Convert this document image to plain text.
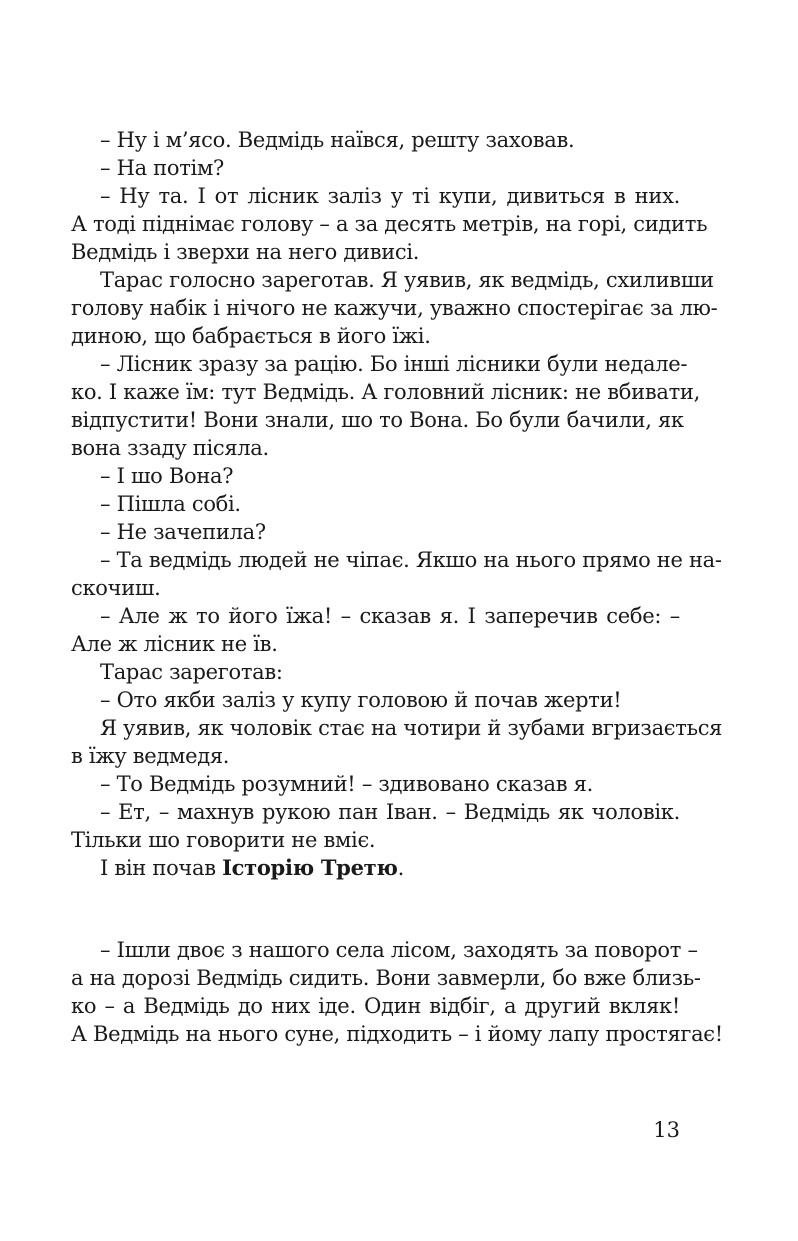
– Ну і м’ясо. Ведмідь наївся, решту заховав.
– На потім?
– Ну та. І от лісник заліз у ті купи, дивиться в них.
А тоді піднімає голову – а за десять метрів, на горі, сидить
Ведмідь і зверхи на него дивисі.
Тарас голосно зареготав. Я уявив, як ведмідь, схиливши
голову набік і нічого не кажучи, уважно спостерігає за лю-
диною, що бабрається в його їжі.
– Лісник зразу за рацію. Бо інші лісники були недале-
ко. І каже їм: тут Ведмідь. А головний лісник: не вбивати,
відпустити! Вони знали, шо то Вона. Бо були бачили, як
вона ззаду пісяла.
– І шо Вона?
– Пішла собі.
– Не зачепила?
– Та ведмідь людей не чіпає. Якшо на нього прямо не на-
скочиш.
– Але ж то його їжа! – сказав я. І заперечив себе: –
Але ж лісник не їв.
Тарас зареготав:
– Ото якби заліз у купу головою й почав жерти!
Я уявив, як чоловік стає на чотири й зубами вгризається
в їжу ведмедя.
– То Ведмідь розумний! – здивовано сказав я.
– Ет, – махнув рукою пан Іван. – Ведмідь як чоловік.
Тільки шо говорити не вміє.
І він почав Історію Третю.
– Ішли двоє з нашого села лісом, заходять за поворот –
а на дорозі Ведмідь сидить. Вони завмерли, бо вже близь-
ко – а Ведмідь до них іде. Один відбіг, а другий вкляк!
А Ведмідь на нього суне, підходить – і йому лапу простягає!
13
